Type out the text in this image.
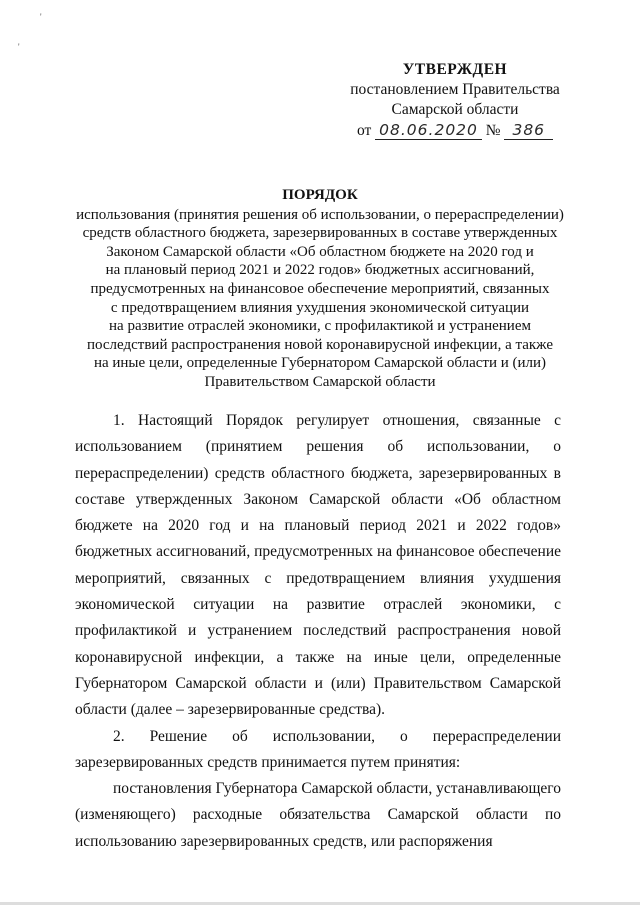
УТВЕРЖДЕН
постановлением Правительства
Самарской области
от 08.06.2020 № 386
ПОРЯДОК
использования (принятия решения об использовании, о перераспределении)
средств областного бюджета, зарезервированных в составе утвержденных
Законом Самарской области «Об областном бюджете на 2020 год и
на плановый период 2021 и 2022 годов» бюджетных ассигнований,
предусмотренных на финансовое обеспечение мероприятий, связанных
с предотвращением влияния ухудшения экономической ситуации
на развитие отраслей экономики, с профилактикой и устранением
последствий распространения новой коронавирусной инфекции, а также
на иные цели, определенные Губернатором Самарской области и (или)
Правительством Самарской области

1. Настоящий Порядок регулирует отношения, связанные с использованием (принятием решения об использовании, о перераспределении) средств областного бюджета, зарезервированных в составе утвержденных Законом Самарской области «Об областном бюджете на 2020 год и на плановый период 2021 и 2022 годов» бюджетных ассигнований, предусмотренных на финансовое обеспечение мероприятий, связанных с предотвращением влияния ухудшения экономической ситуации на развитие отраслей экономики, с профилактикой и устранением последствий распространения новой коронавирусной инфекции, а также на иные цели, определенные Губернатором Самарской области и (или) Правительством Самарской области (далее – зарезервированные средства).

2. Решение об использовании, о перераспределении зарезервированных средств принимается путем принятия:

постановления Губернатора Самарской области, устанавливающего (изменяющего) расходные обязательства Самарской области по использованию зарезервированных средств, или распоряжения

'
'
